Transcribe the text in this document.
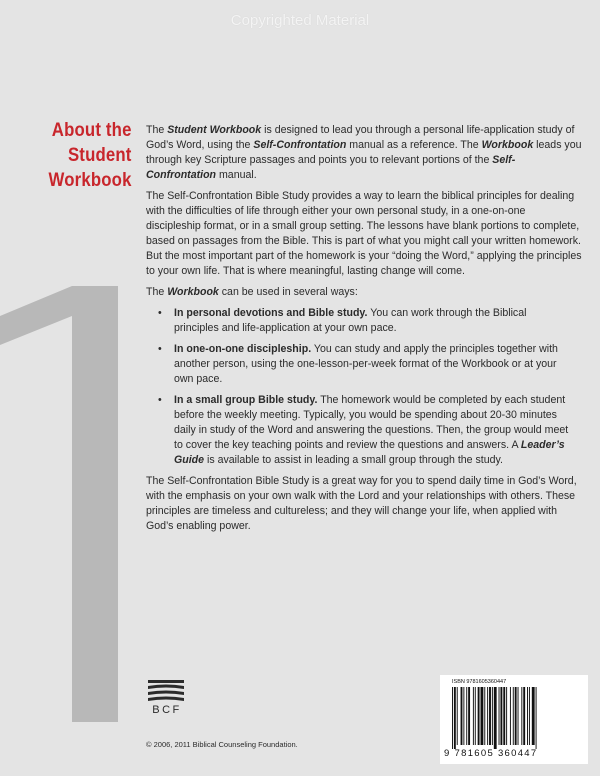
Copyrighted Material
About the
Student
Workbook

The Student Workbook is designed to lead you through a personal life-application study of God’s Word, using the Self-Confrontation manual as a reference. The Workbook leads you through key Scripture passages and points you to relevant portions of the Self-Confrontation manual.

The Self-Confrontation Bible Study provides a way to learn the biblical principles for dealing with the difficulties of life through either your own personal study, in a one-on-one discipleship format, or in a small group setting. The lessons have blank portions to complete, based on passages from the Bible. This is part of what you might call your written homework. But the most important part of the homework is your “doing the Word,” applying the principles to your own life. That is where meaningful, lasting change will come.

The Workbook can be used in several ways:

• In personal devotions and Bible study. You can work through the Biblical principles and life-application at your own pace.
• In one-on-one discipleship. You can study and apply the principles together with another person, using the one-lesson-per-week format of the Workbook or at your own pace.
• In a small group Bible study. The homework would be completed by each student before the weekly meeting. Typically, you would be spending about 20-30 minutes daily in study of the Word and answering the questions. Then, the group would meet to cover the key teaching points and review the questions and answers. A Leader’s Guide is available to assist in leading a small group through the study.

The Self-Confrontation Bible Study is a great way for you to spend daily time in God’s Word, with the emphasis on your own walk with the Lord and your relationships with others. These principles are timeless and cultureless; and they will change your life, when applied with God’s enabling power.

BCF
© 2006, 2011 Biblical Counseling Foundation.
ISBN 9781605360447
9 781605 360447
